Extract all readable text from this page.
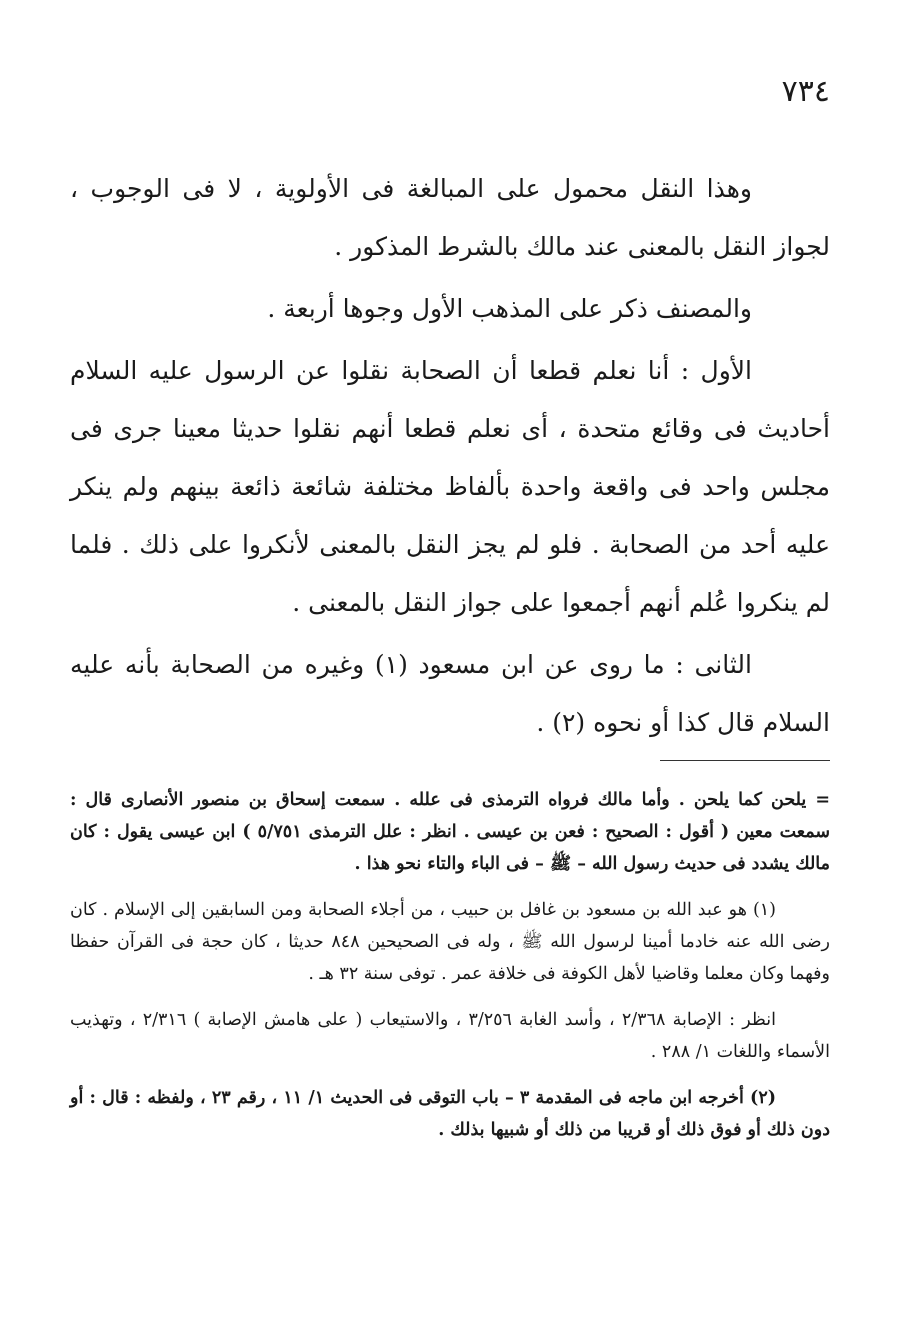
٧٣٤

وهذا النقل محمول على المبالغة فى الأولوية ، لا فى الوجوب ، لجواز النقل بالمعنى عند مالك بالشرط المذكور .

والمصنف ذكر على المذهب الأول وجوها أربعة .

الأول : أنا نعلم قطعا أن الصحابة نقلوا عن الرسول عليه السلام أحاديث فى وقائع متحدة ، أى نعلم قطعا أنهم نقلوا حديثا معينا جرى فى مجلس واحد فى واقعة واحدة بألفاظ مختلفة شائعة ذائعة بينهم ولم ينكر عليه أحد من الصحابة . فلو لم يجز النقل بالمعنى لأنكروا على ذلك . فلما لم ينكروا عُلم أنهم أجمعوا على جواز النقل بالمعنى .

الثانى : ما روى عن ابن مسعود (١) وغيره من الصحابة بأنه عليه السلام قال كذا أو نحوه (٢) .

= يلحن كما يلحن . وأما مالك فرواه الترمذى فى علله . سمعت إسحاق بن منصور الأنصارى قال : سمعت معين ( أقول : الصحيح : فعن بن عيسى . انظر : علل الترمذى ٥/٧٥١ ) ابن عيسى يقول : كان مالك يشدد فى حديث رسول الله – ﷺ – فى الباء والتاء نحو هذا .

(١) هو عبد الله بن مسعود بن غافل بن حبيب ، من أجلاء الصحابة ومن السابقين إلى الإسلام . كان رضى الله عنه خادما أمينا لرسول الله ﷺ ، وله فى الصحيحين ٨٤٨ حديثا ، كان حجة فى القرآن حفظا وفهما وكان معلما وقاضيا لأهل الكوفة فى خلافة عمر . توفى سنة ٣٢ هـ .

انظر : الإصابة ٢/٣٦٨ ، وأسد الغابة ٣/٢٥٦ ، والاستيعاب ( على هامش الإصابة ) ٢/٣١٦ ، وتهذيب الأسماء واللغات ١/ ٢٨٨ .

(٢) أخرجه ابن ماجه فى المقدمة ٣ – باب التوقى فى الحديث ١/ ١١ ، رقم ٢٣ ، ولفظه : قال : أو دون ذلك أو فوق ذلك أو قريبا من ذلك أو شبيها بذلك .
